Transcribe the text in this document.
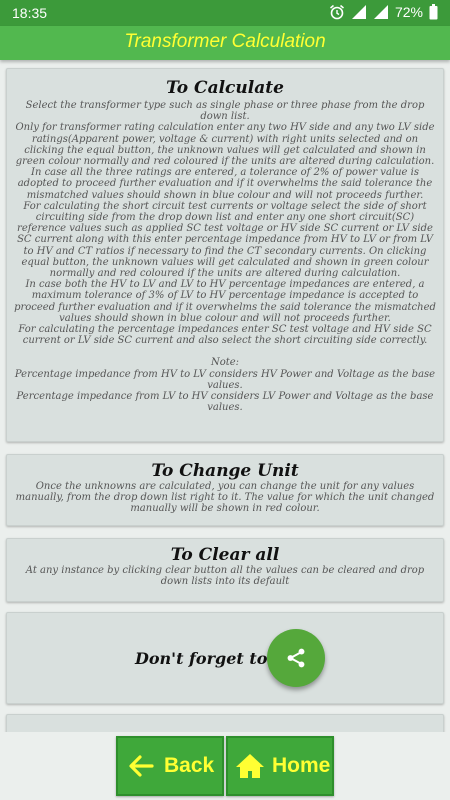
18:35	72%
Transformer Calculation
To Calculate

Select the transformer type such as single phase or three phase from the drop down list.

Only for transformer rating calculation enter any two HV side and any two LV side ratings(Apparent power, voltage & current) with right units selected and on clicking the equal button, the unknown values will get calculated and shown in green colour normally and red coloured if the units are altered during calculation.

In case all the three ratings are entered, a tolerance of 2% of power value is adopted to proceed further evaluation and if it overwhelms the said tolerance the mismatched values should shown in blue colour and will not proceeds further.

For calculating the short circuit test currents or voltage select the side of short circuiting side from the drop down list and enter any one short circuit(SC) reference values such as applied SC test voltage or HV side SC current or LV side SC current along with this enter percentage impedance from HV to LV or from LV to HV and CT ratios if necessary to find the CT secondary currents. On clicking equal button, the unknown values will get calculated and shown in green colour normally and red coloured if the units are altered during calculation.

In case both the HV to LV and LV to HV percentage impedances are entered, a maximum tolerance of 3% of LV to HV percentage impedance is accepted to proceed further evaluation and if it overwhelms the said tolerance the mismatched values should shown in blue colour and will not proceeds further.

For calculating the percentage impedances enter SC test voltage and HV side SC current or LV side SC current and also select the short circuiting side correctly.

Note:

Percentage impedance from HV to LV considers HV Power and Voltage as the base values.

Percentage impedance from LV to HV considers LV Power and Voltage as the base values.

To Change Unit

Once the unknowns are calculated, you can change the unit for any values manually, from the drop down list right to it. The value for which the unit changed manually will be shown in red colour.

To Clear all

At any instance by clicking clear button all the values can be cleared and drop down lists into its default

Don't forget to
Back	Home
